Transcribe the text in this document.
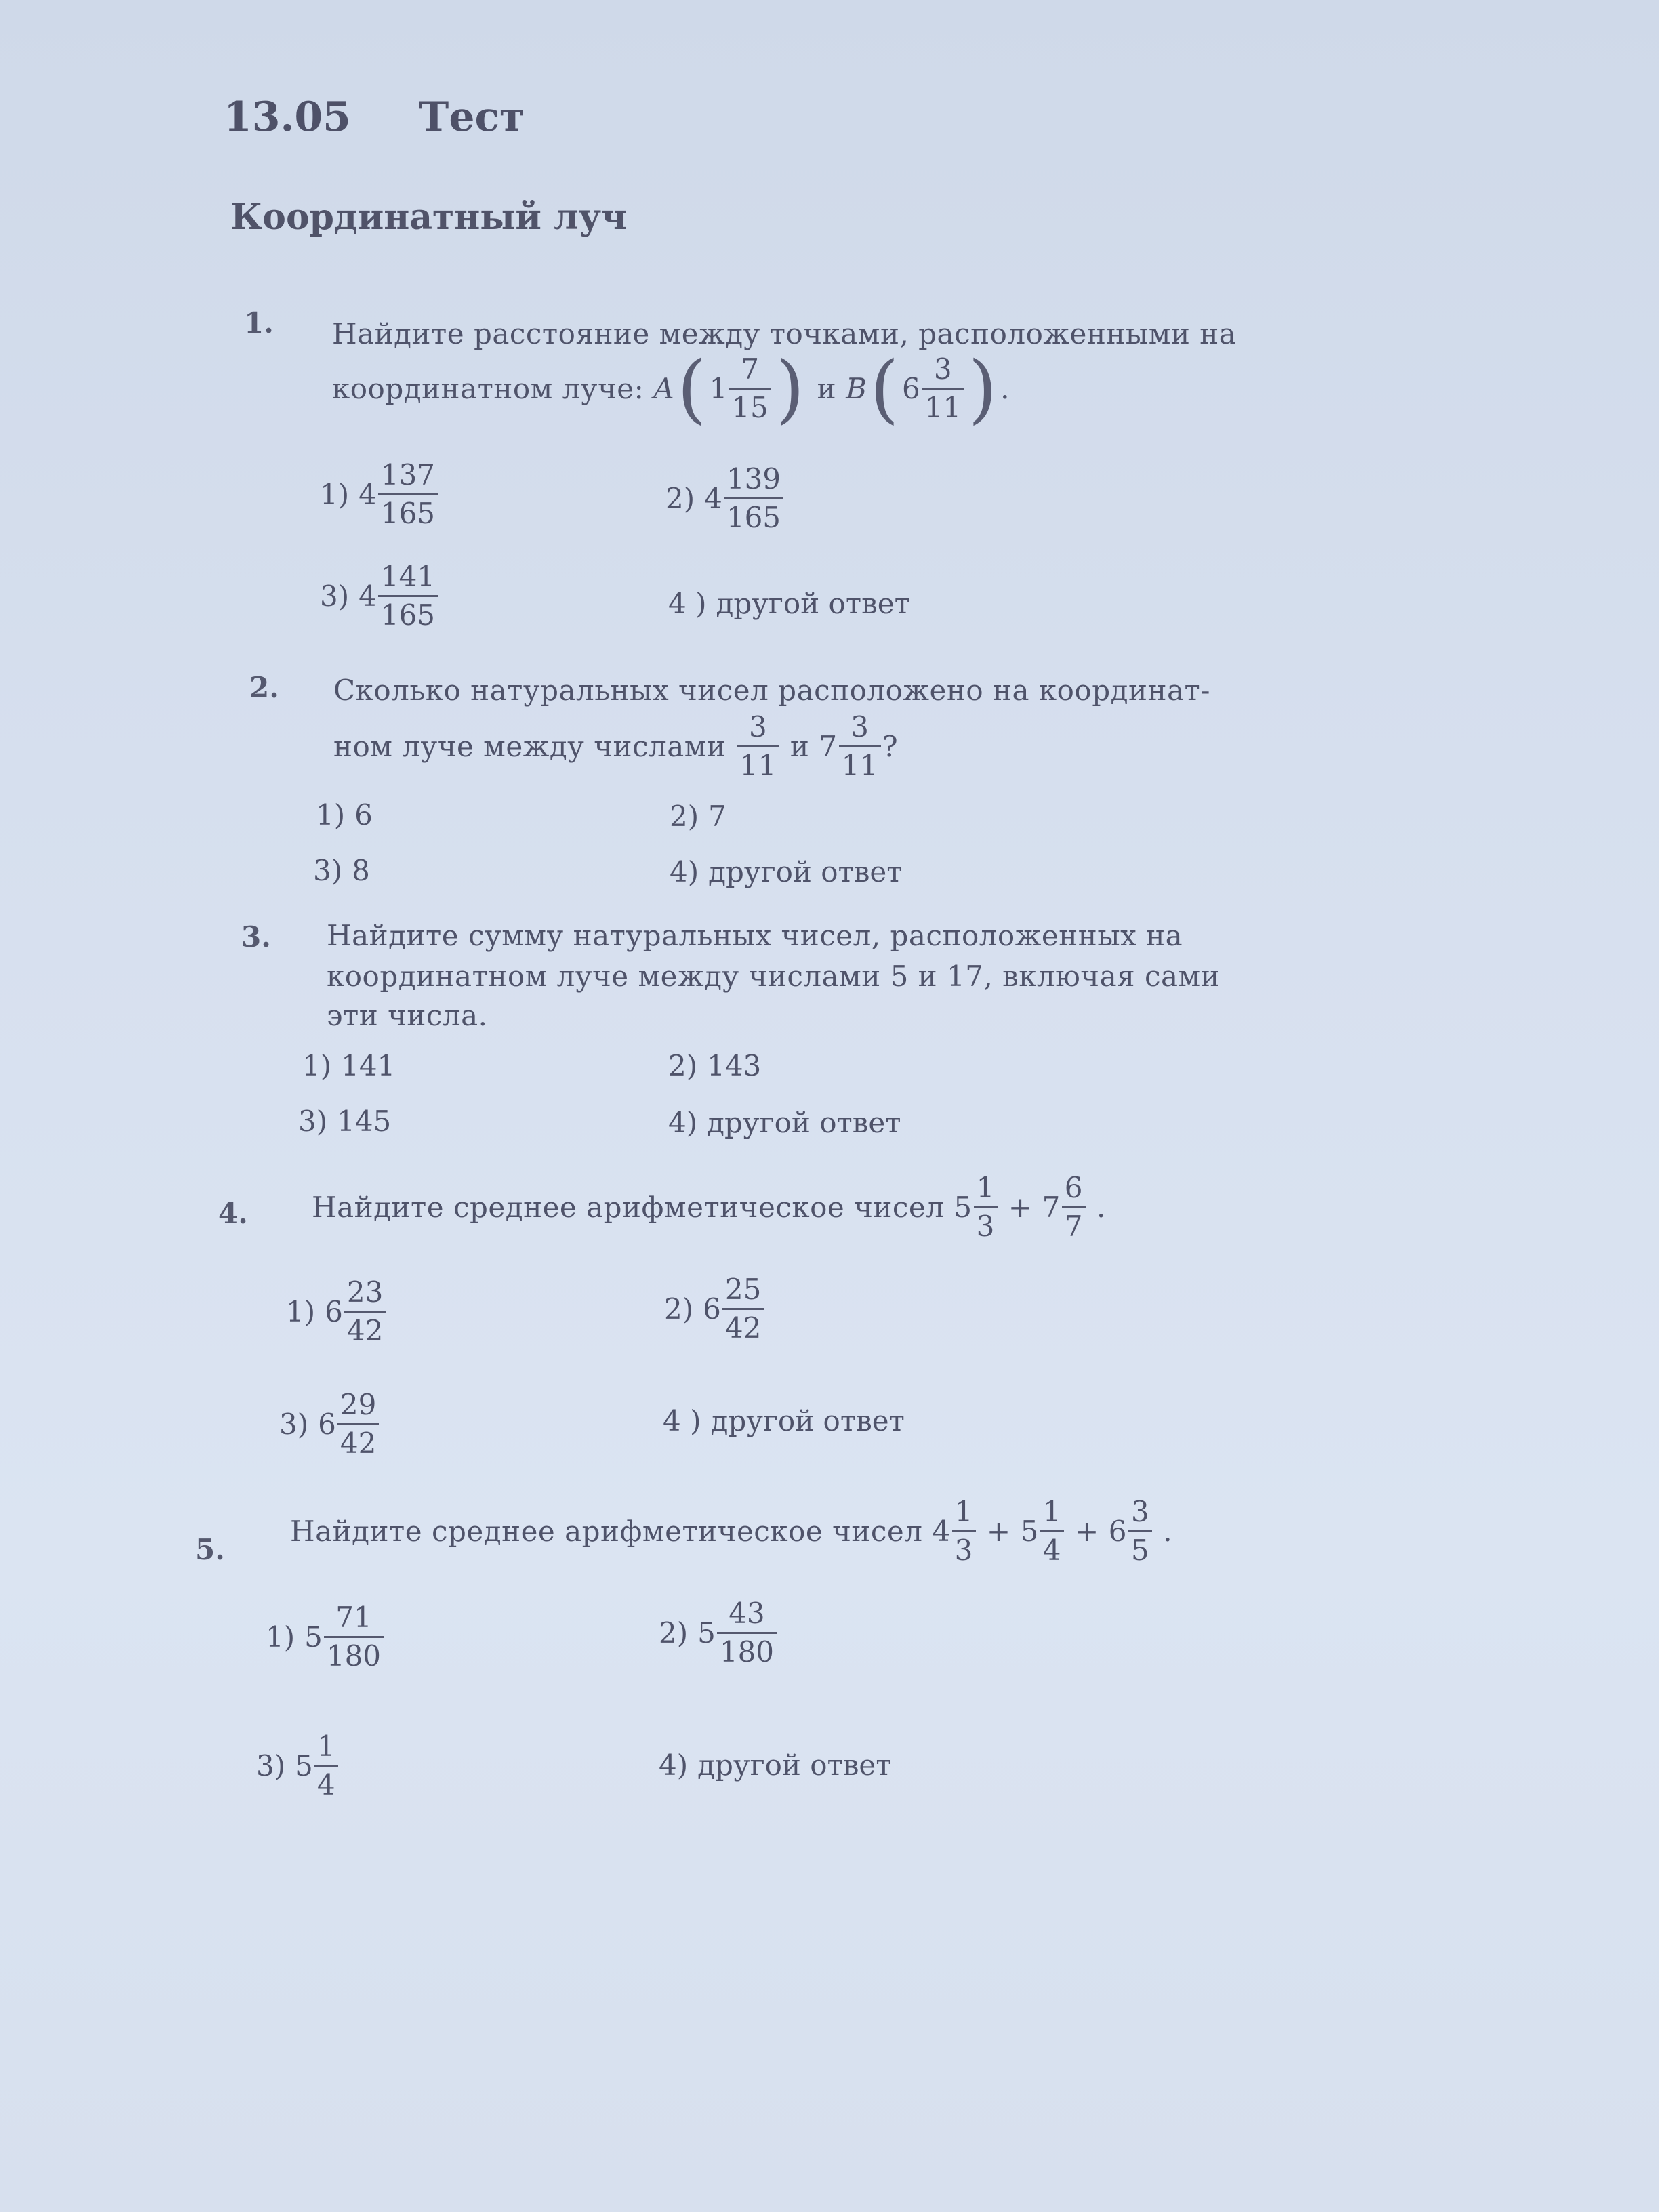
13.05 Тест
Координатный луч
1. Найдите расстояние между точками, расположенными на
координатном луче: A ( $1 \frac{7}{15}$ ) и B ( $6 \frac{3}{11}$ ) .
1) $4 \frac{137}{165}$	2) $4 \frac{139}{165}$
3) $4 \frac{141}{165}$	4 ) другой ответ
2. Сколько натуральных чисел расположено на координат-
ном луче между числами $\frac{3}{11}$ и $7 \frac{3}{11}$ ?
1) 6	2) 7
3) 8	4) другой ответ
3. Найдите сумму натуральных чисел, расположенных на
координатном луче между числами 5 и 17, включая сами
эти числа.
1) 141	2) 143
3) 145	4) другой ответ
4. Найдите среднее арифметическое чисел $5 \frac{1}{3} + 7 \frac{6}{7}$ .
1) $6 \frac{23}{42}$	2) $6 \frac{25}{42}$
3) $6 \frac{29}{42}$	4 ) другой ответ
5.
Найдите среднее арифметическое чисел $4 \frac{1}{3} + 5 \frac{1}{4} + 6 \frac{3}{5}$ .
1) $5 \frac{71}{180}$	2) $5 \frac{43}{180}$
3) $5 \frac{1}{4}$	4) другой ответ
